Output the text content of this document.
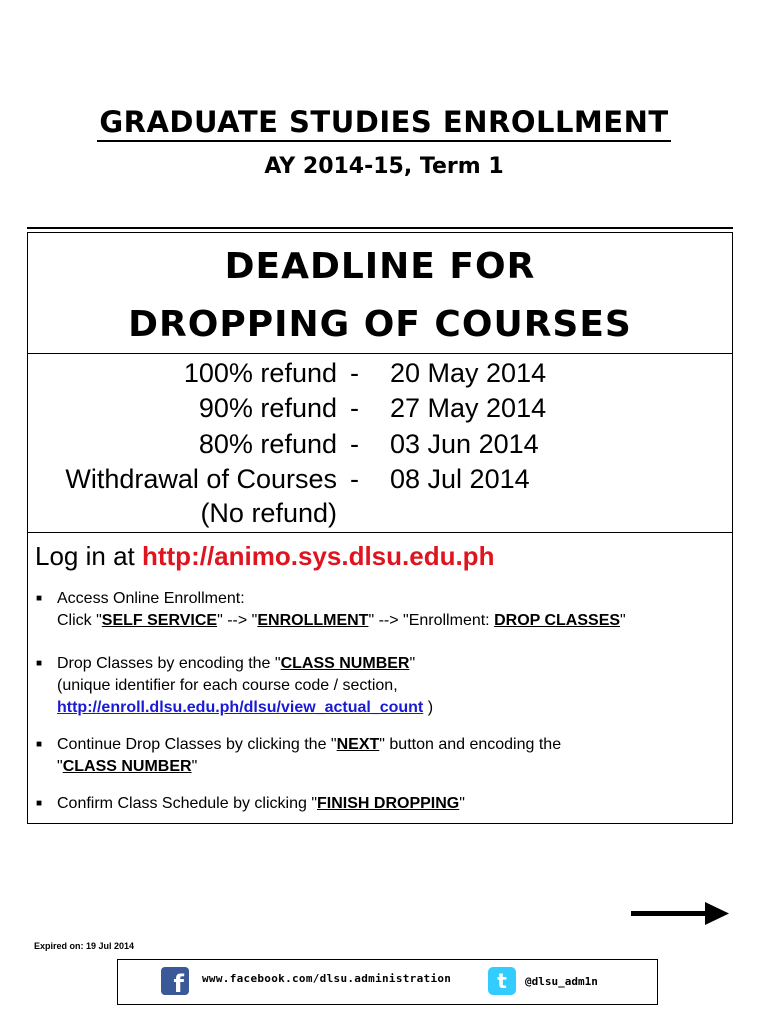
GRADUATE STUDIES ENROLLMENT
AY 2014-15, Term 1
DEADLINE FOR
DROPPING OF COURSES
100% refund - 20 May 2014
90% refund - 27 May 2014
80% refund - 03 Jun 2014
Withdrawal of Courses - 08 Jul 2014
(No refund)
Log in at http://animo.sys.dlsu.edu.ph
■ Access Online Enrollment:
Click "SELF SERVICE" --> "ENROLLMENT" --> "Enrollment: DROP CLASSES"
■ Drop Classes by encoding the "CLASS NUMBER"
(unique identifier for each course code / section,
http://enroll.dlsu.edu.ph/dlsu/view_actual_count )
■ Continue Drop Classes by clicking the "NEXT" button and encoding the
"CLASS NUMBER"
■ Confirm Class Schedule by clicking "FINISH DROPPING"
Expired on: 19 Jul 2014
f	www.facebook.com/dlsu.administration	t	@dlsu_adm1n
